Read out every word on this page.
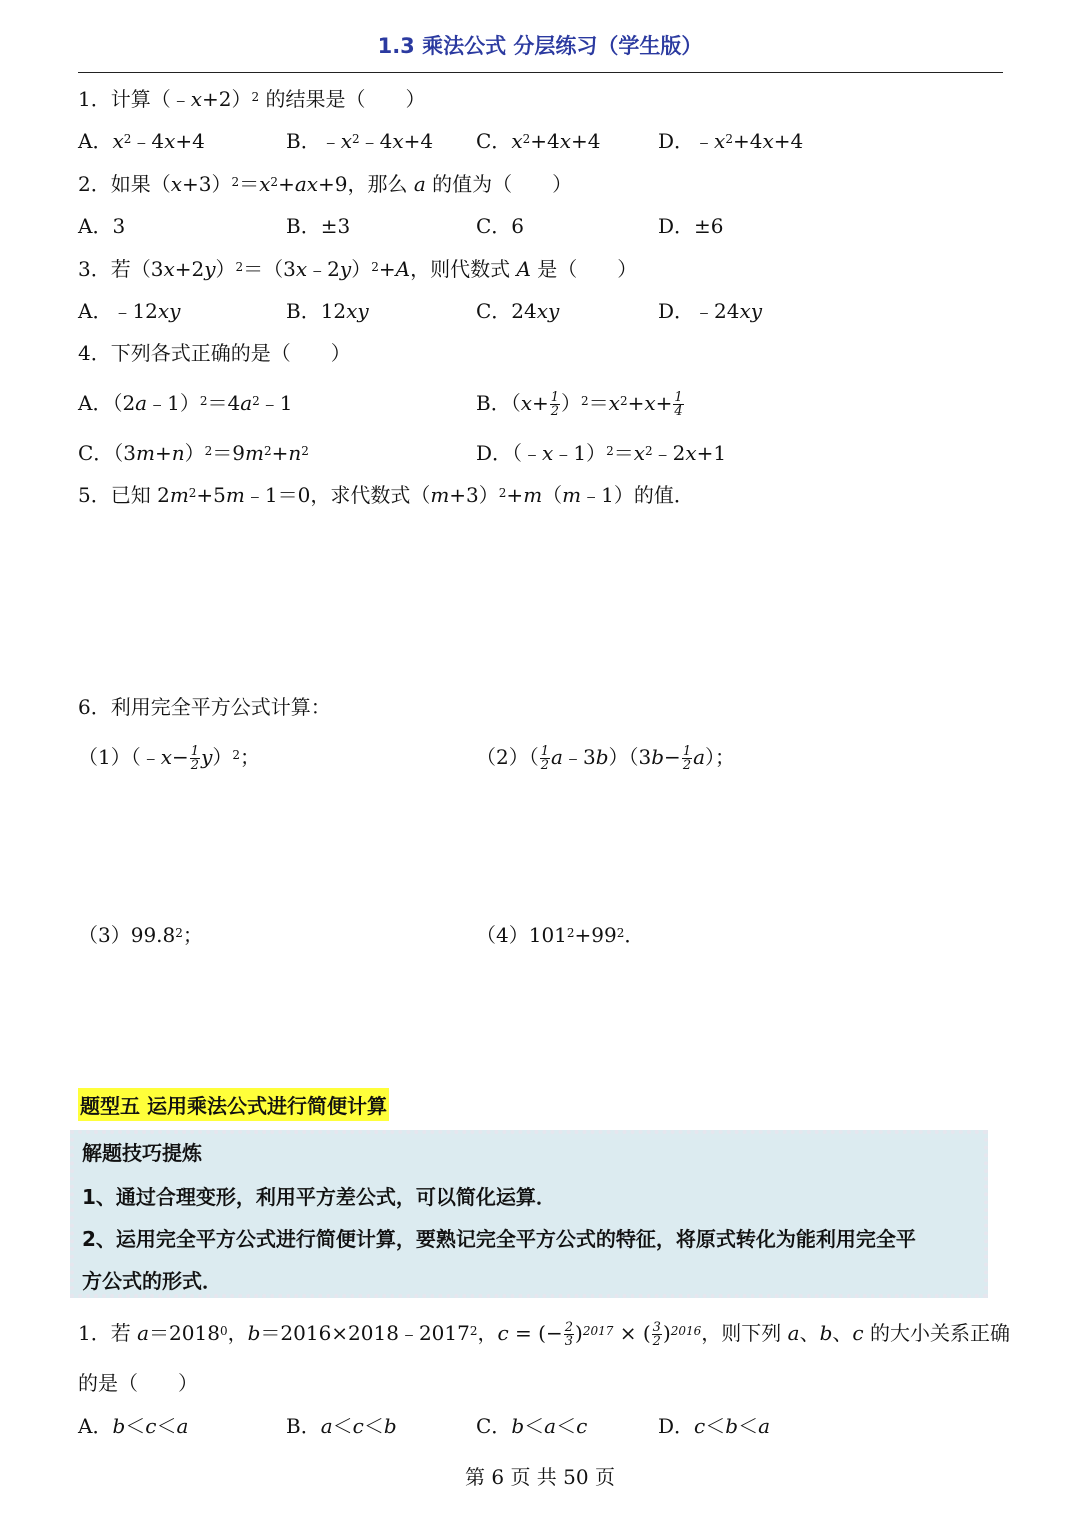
1.3 乘法公式 分层练习（学生版）
1．计算（﹣x+2）$^2$ 的结果是（　　）
A．$x^2﹣4x+4$	B．$﹣x^2﹣4x+4$ C．$x^2+4x+4$	D．$﹣x^2+4x+4$
2．如果$(x+3)^2=x^2+ax+9$，那么 a 的值为（　　）
A．3	B．±3	C．6	D．±6
3．若$(3x+2y)^2=(3x﹣2y)^2+A$，则代数式 A 是（　　）
A．﹣12xy	B．12xy	C．24xy	D．﹣24xy
4．下列各式正确的是（　　）
A．$(2a﹣1)^2=4a^2﹣1$	B．$(x+ \frac{1}{2} )^2=x^2+x+ \frac{1}{4}$
C．$(3m+n)^2=9m^2+n^2$	D．$(﹣x﹣1)^2=x^2﹣2x+1$
5．已知 $2m^2+5m﹣1=0$，求代数式$(m+3)^2+m(m﹣1)$的值．
6．利用完全平方公式计算：
（1）（﹣x− $\frac{1}{2} y)^2$；	$(2)( \frac{1}{2}$ a﹣3b）（3b− $\frac{1}{2} a$）；
（3）99.8$^2$；	$(4)101^2+99^2$．
题型五 运用乘法公式进行简便计算
解题技巧提炼
1、通过合理变形，利用平方差公式，可以简化运算．
2、运用完全平方公式进行简便计算，要熟记完全平方公式的特征，将原式转化为能利用完全平
方公式的形式．
1．若 $a=2018^0$，$b=2016\times 2018﹣2017^2$，c = (− $\frac{2}{3} )^{2017}$ × ( $\frac{3}{2} )^{2016}$，则下列 a、b、c 的大小关系正确
的是（　　）
A．b＜c＜a	B．a＜c＜b	C．b＜a＜c	D．c＜b＜a
第 6 页 共 50 页
